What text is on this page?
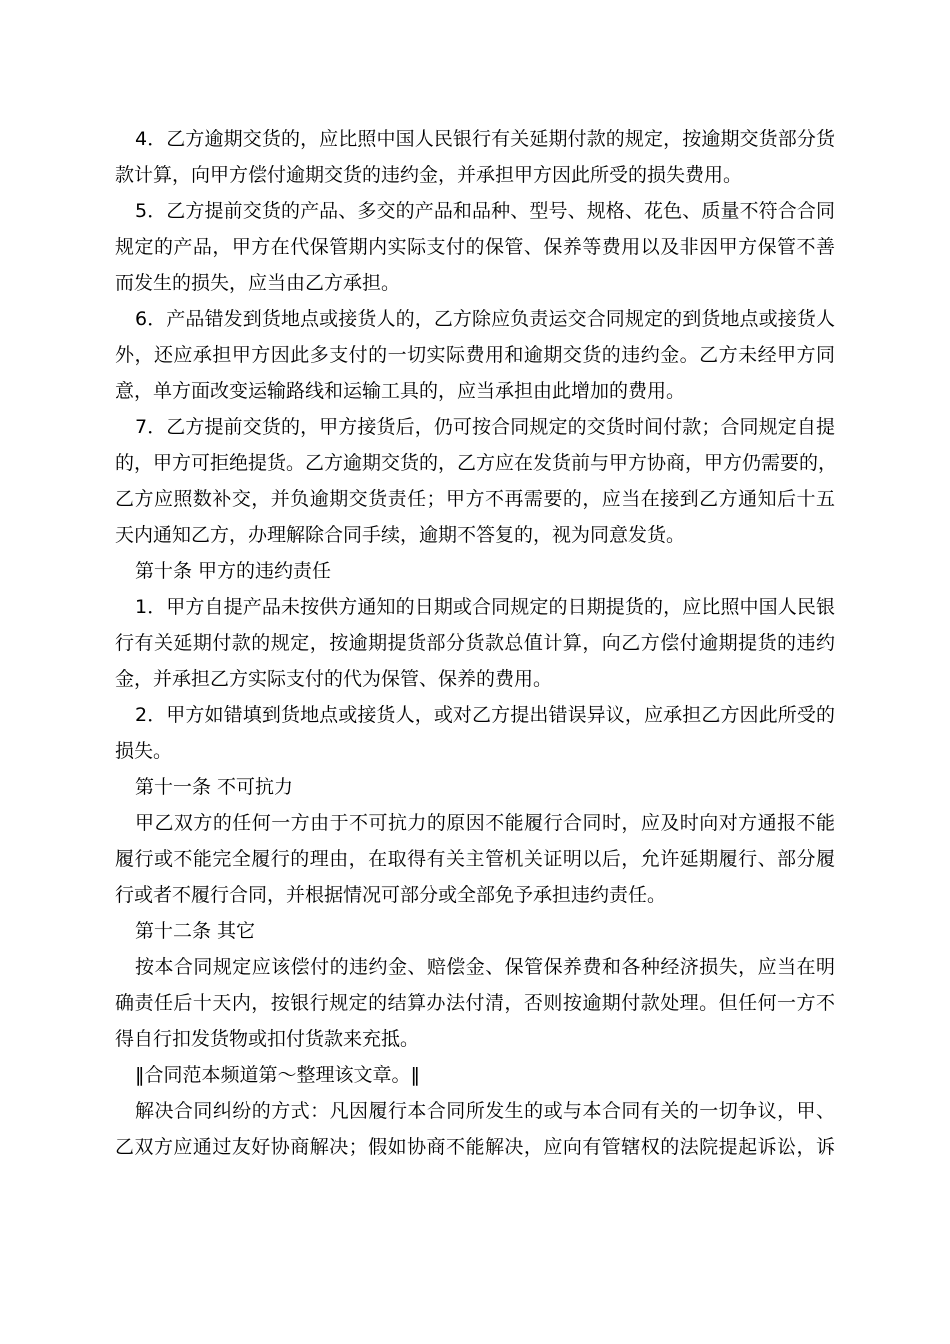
4．乙方逾期交货的，应比照中国人民银行有关延期付款的规定，按逾期交货部分货
款计算，向甲方偿付逾期交货的违约金，并承担甲方因此所受的损失费用。
5．乙方提前交货的产品、多交的产品和品种、型号、规格、花色、质量不符合合同
规定的产品，甲方在代保管期内实际支付的保管、保养等费用以及非因甲方保管不善
而发生的损失，应当由乙方承担。
6．产品错发到货地点或接货人的，乙方除应负责运交合同规定的到货地点或接货人
外，还应承担甲方因此多支付的一切实际费用和逾期交货的违约金。乙方未经甲方同
意，单方面改变运输路线和运输工具的，应当承担由此增加的费用。
7．乙方提前交货的，甲方接货后，仍可按合同规定的交货时间付款；合同规定自提
的，甲方可拒绝提货。乙方逾期交货的，乙方应在发货前与甲方协商，甲方仍需要的，
乙方应照数补交，并负逾期交货责任；甲方不再需要的，应当在接到乙方通知后十五
天内通知乙方，办理解除合同手续，逾期不答复的，视为同意发货。
第十条 甲方的违约责任
1．甲方自提产品未按供方通知的日期或合同规定的日期提货的，应比照中国人民银
行有关延期付款的规定，按逾期提货部分货款总值计算，向乙方偿付逾期提货的违约
金，并承担乙方实际支付的代为保管、保养的费用。
2．甲方如错填到货地点或接货人，或对乙方提出错误异议，应承担乙方因此所受的
损失。
第十一条 不可抗力
甲乙双方的任何一方由于不可抗力的原因不能履行合同时，应及时向对方通报不能
履行或不能完全履行的理由，在取得有关主管机关证明以后，允许延期履行、部分履
行或者不履行合同，并根据情况可部分或全部免予承担违约责任。
第十二条 其它
按本合同规定应该偿付的违约金、赔偿金、保管保养费和各种经济损失，应当在明
确责任后十天内，按银行规定的结算办法付清，否则按逾期付款处理。但任何一方不
得自行扣发货物或扣付货款来充抵。
‖合同范本频道第～整理该文章。‖
解决合同纠纷的方式：凡因履行本合同所发生的或与本合同有关的一切争议，甲、
乙双方应通过友好协商解决；假如协商不能解决，应向有管辖权的法院提起诉讼，诉
